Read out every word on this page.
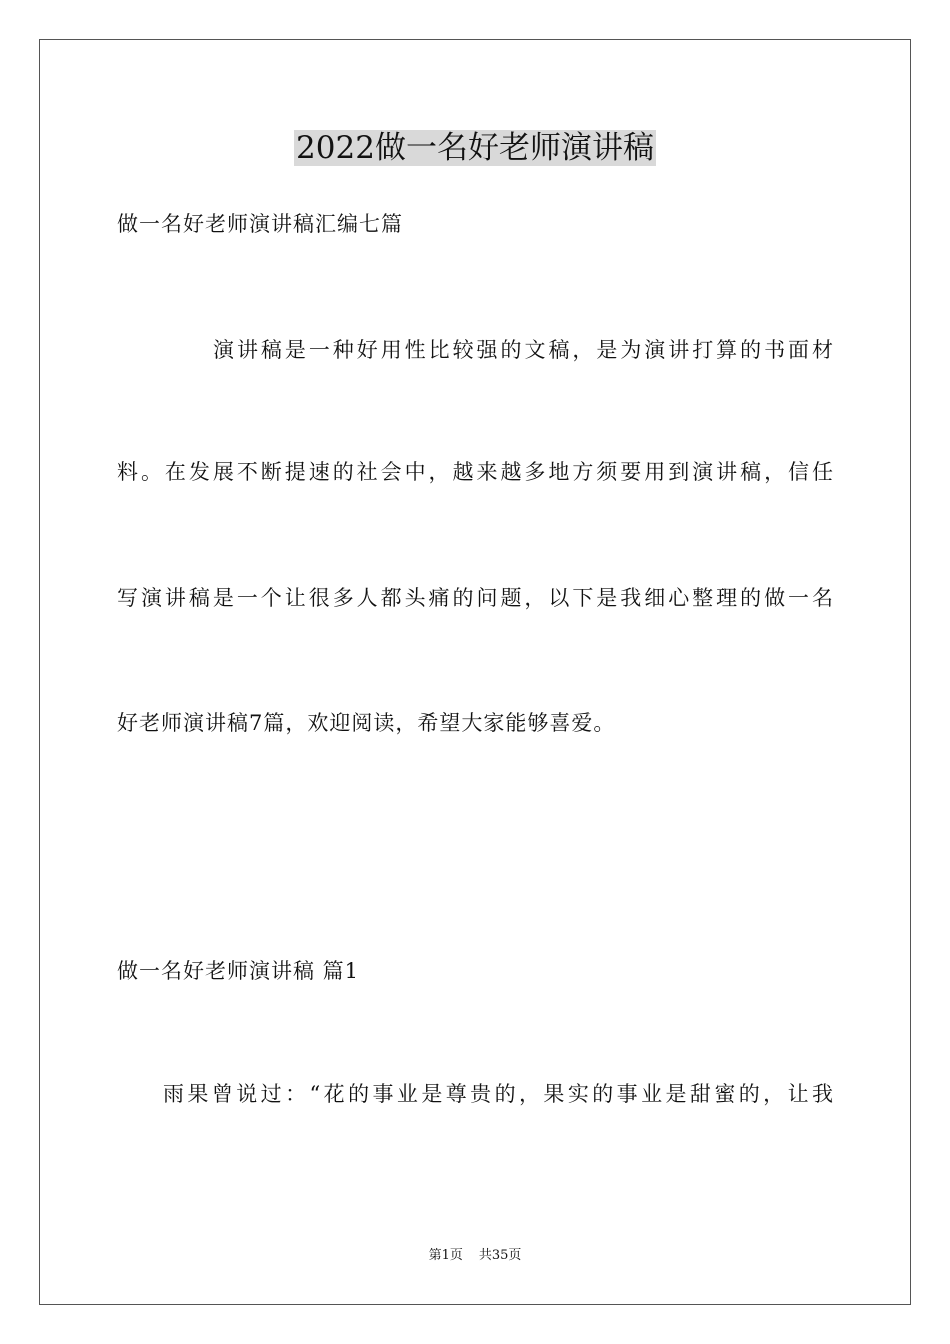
2022做一名好老师演讲稿
做一名好老师演讲稿汇编七篇
演讲稿是一种好用性比较强的文稿，是为演讲打算的书面材
料。在发展不断提速的社会中，越来越多地方须要用到演讲稿，信任
写演讲稿是一个让很多人都头痛的问题，以下是我细心整理的做一名
好老师演讲稿7篇，欢迎阅读，希望大家能够喜爱。
做一名好老师演讲稿 篇1
雨果曾说过：“花的事业是尊贵的，果实的事业是甜蜜的，让我
第1页 共35页
